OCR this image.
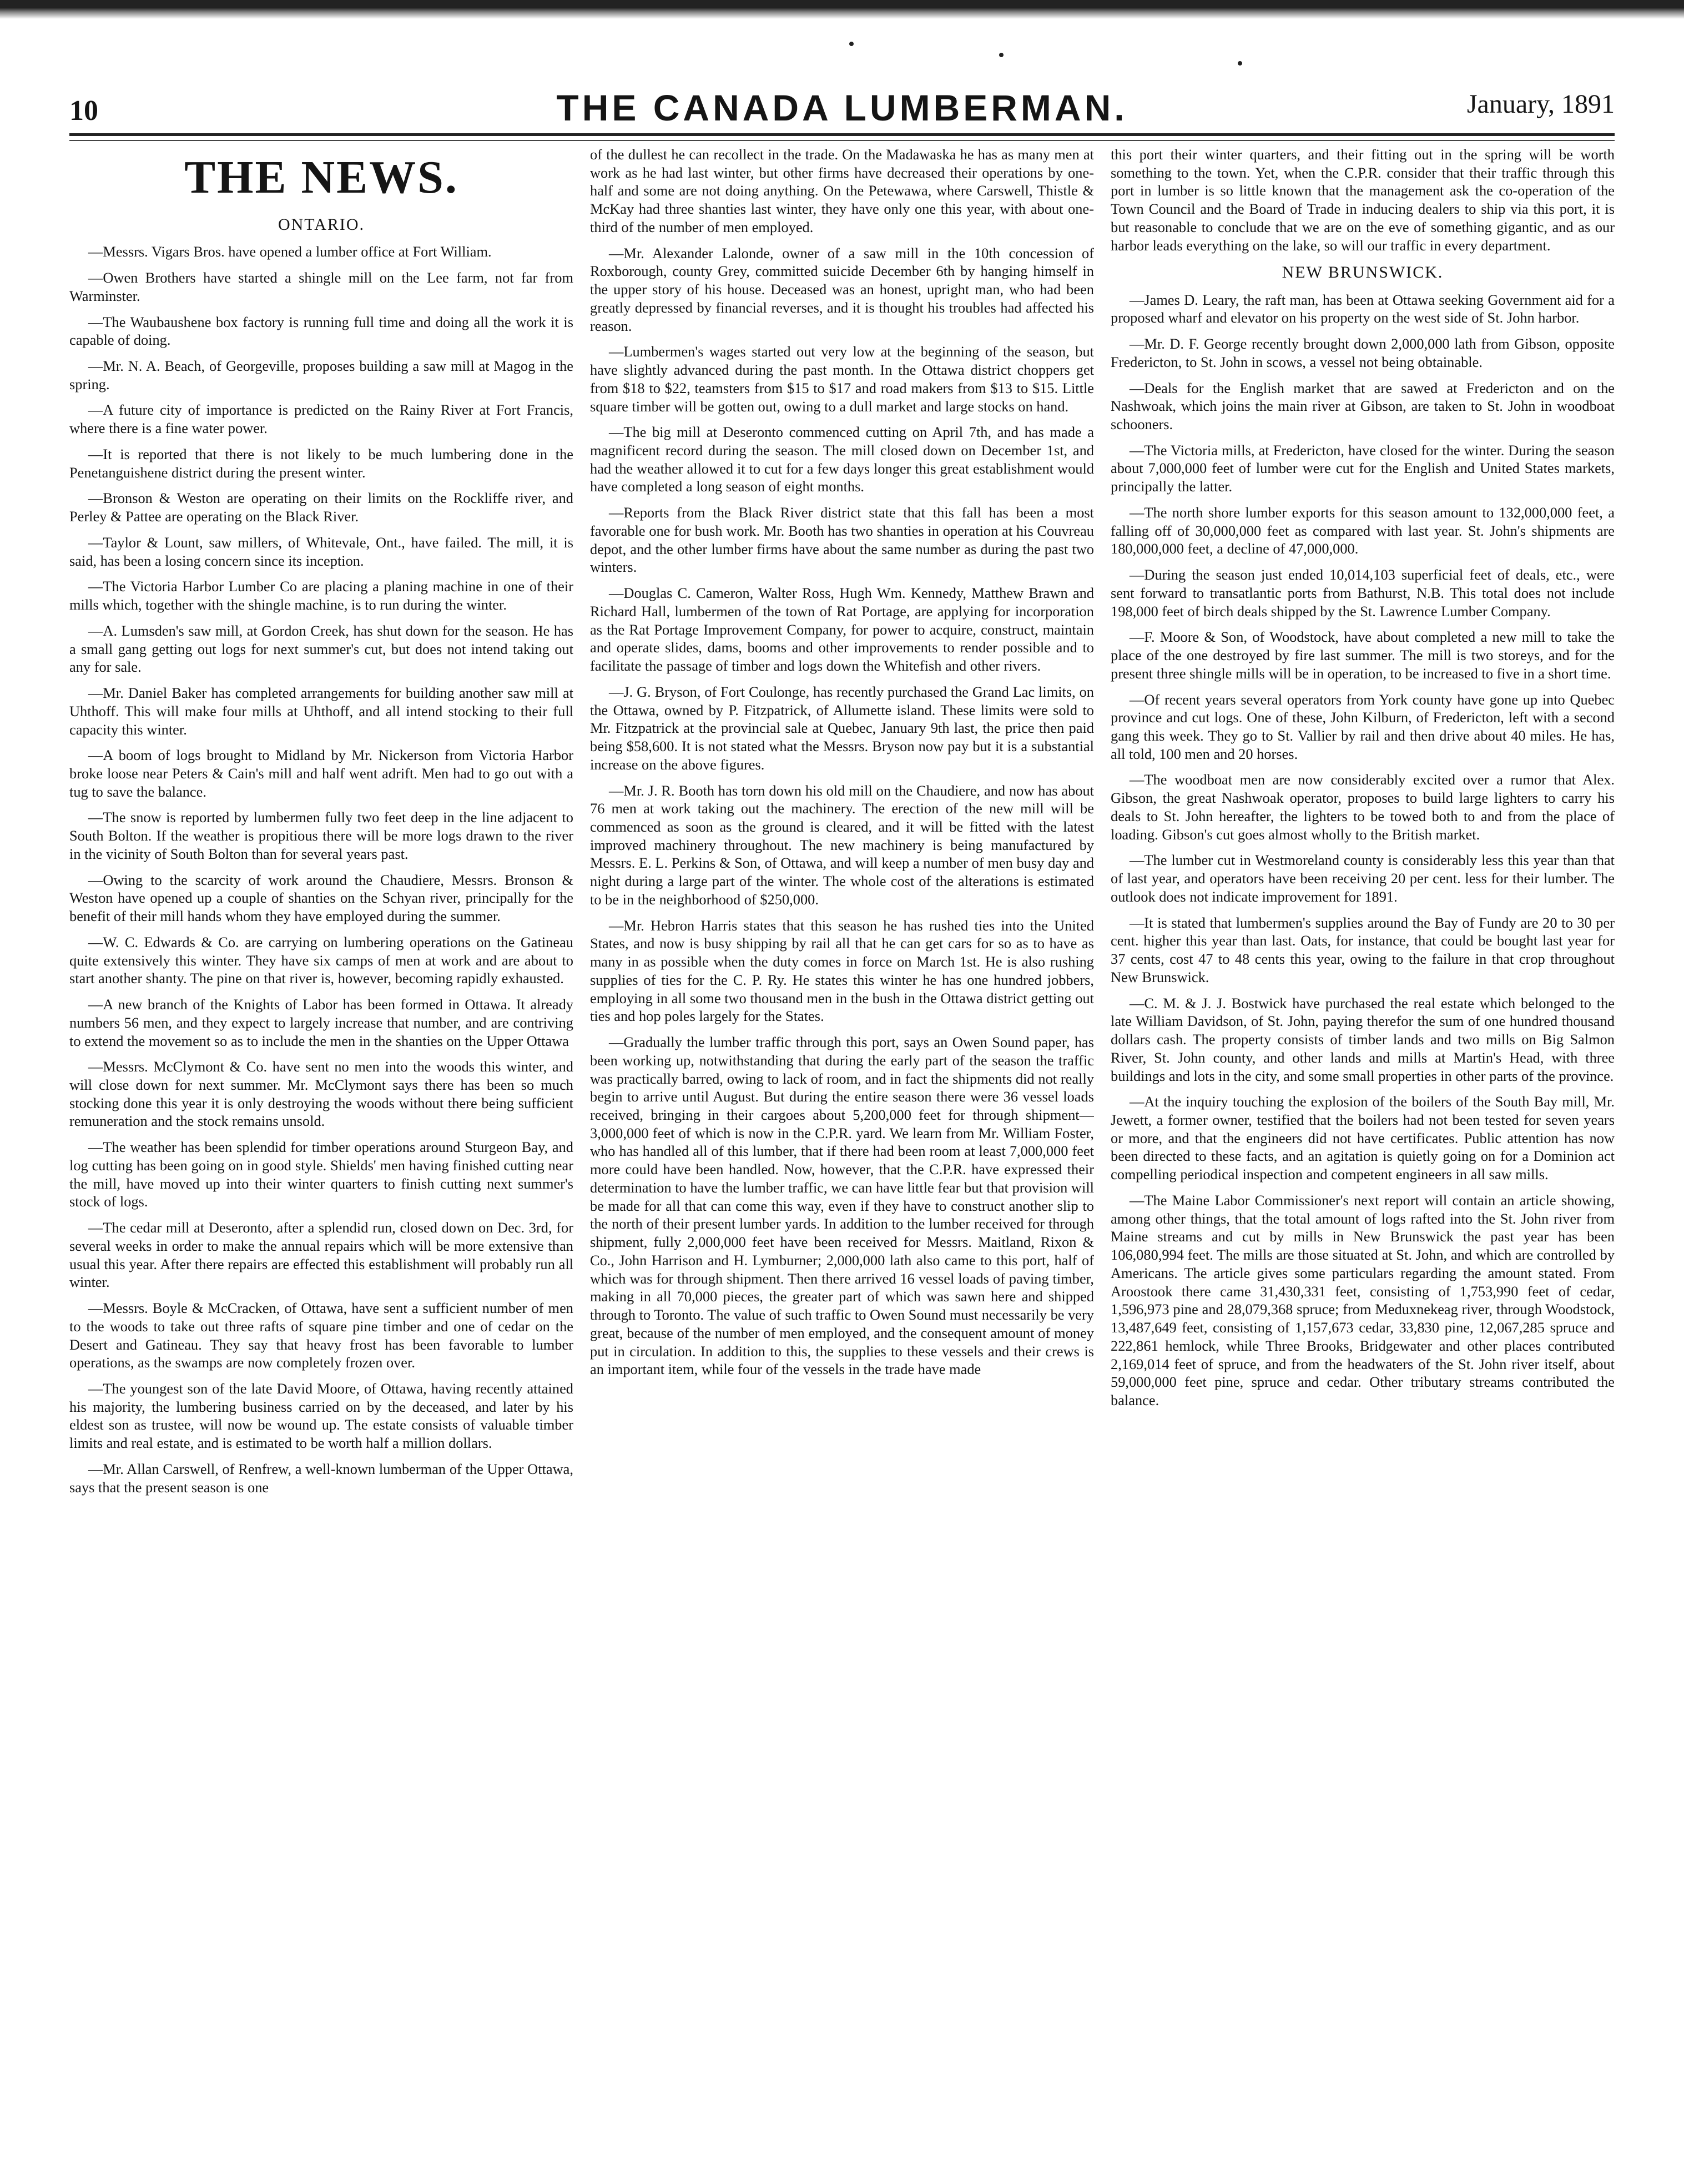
10	THE CANADA LUMBERMAN.	January, 1891
THE NEWS.
ONTARIO.

—Messrs. Vigars Bros. have opened a lumber office at Fort William.

—Owen Brothers have started a shingle mill on the Lee farm, not far from Warminster.

—The Waubaushene box factory is running full time and doing all the work it is capable of doing.

—Mr. N. A. Beach, of Georgeville, proposes building a saw mill at Magog in the spring.

—A future city of importance is predicted on the Rainy River at Fort Francis, where there is a fine water power.

—It is reported that there is not likely to be much lumbering done in the Penetanguishene district during the present winter.

—Bronson & Weston are operating on their limits on the Rockliffe river, and Perley & Pattee are operating on the Black River.

—Taylor & Lount, saw millers, of Whitevale, Ont., have failed. The mill, it is said, has been a losing concern since its inception.

—The Victoria Harbor Lumber Co are placing a planing machine in one of their mills which, together with the shingle machine, is to run during the winter.

—A. Lumsden's saw mill, at Gordon Creek, has shut down for the season. He has a small gang getting out logs for next summer's cut, but does not intend taking out any for sale.

—Mr. Daniel Baker has completed arrangements for building another saw mill at Uhthoff. This will make four mills at Uhthoff, and all intend stocking to their full capacity this winter.

—A boom of logs brought to Midland by Mr. Nickerson from Victoria Harbor broke loose near Peters & Cain's mill and half went adrift. Men had to go out with a tug to save the balance.

—The snow is reported by lumbermen fully two feet deep in the line adjacent to South Bolton. If the weather is propitious there will be more logs drawn to the river in the vicinity of South Bolton than for several years past.

—Owing to the scarcity of work around the Chaudiere, Messrs. Bronson & Weston have opened up a couple of shanties on the Schyan river, principally for the benefit of their mill hands whom they have employed during the summer.

—W. C. Edwards & Co. are carrying on lumbering operations on the Gatineau quite extensively this winter. They have six camps of men at work and are about to start another shanty. The pine on that river is, however, becoming rapidly exhausted.

—A new branch of the Knights of Labor has been formed in Ottawa. It already numbers 56 men, and they expect to largely increase that number, and are contriving to extend the movement so as to include the men in the shanties on the Upper Ottawa

—Messrs. McClymont & Co. have sent no men into the woods this winter, and will close down for next summer. Mr. McClymont says there has been so much stocking done this year it is only destroying the woods without there being sufficient remuneration and the stock remains unsold.

—The weather has been splendid for timber operations around Sturgeon Bay, and log cutting has been going on in good style. Shields' men having finished cutting near the mill, have moved up into their winter quarters to finish cutting next summer's stock of logs.

—The cedar mill at Deseronto, after a splendid run, closed down on Dec. 3rd, for several weeks in order to make the annual repairs which will be more extensive than usual this year. After there repairs are effected this establishment will probably run all winter.

—Messrs. Boyle & McCracken, of Ottawa, have sent a sufficient number of men to the woods to take out three rafts of square pine timber and one of cedar on the Desert and Gatineau. They say that heavy frost has been favorable to lumber operations, as the swamps are now completely frozen over.

—The youngest son of the late David Moore, of Ottawa, having recently attained his majority, the lumbering business carried on by the deceased, and later by his eldest son as trustee, will now be wound up. The estate consists of valuable timber limits and real estate, and is estimated to be worth half a million dollars.

—Mr. Allan Carswell, of Renfrew, a well-known lumberman of the Upper Ottawa, says that the present season is one

of the dullest he can recollect in the trade. On the Madawaska he has as many men at work as he had last winter, but other firms have decreased their operations by one-half and some are not doing anything. On the Petewawa, where Carswell, Thistle & McKay had three shanties last winter, they have only one this year, with about one-third of the number of men employed.

—Mr. Alexander Lalonde, owner of a saw mill in the 10th concession of Roxborough, county Grey, committed suicide December 6th by hanging himself in the upper story of his house. Deceased was an honest, upright man, who had been greatly depressed by financial reverses, and it is thought his troubles had affected his reason.

—Lumbermen's wages started out very low at the beginning of the season, but have slightly advanced during the past month. In the Ottawa district choppers get from $18 to $22, teamsters from $15 to $17 and road makers from $13 to $15. Little square timber will be gotten out, owing to a dull market and large stocks on hand.

—The big mill at Deseronto commenced cutting on April 7th, and has made a magnificent record during the season. The mill closed down on December 1st, and had the weather allowed it to cut for a few days longer this great establishment would have completed a long season of eight months.

—Reports from the Black River district state that this fall has been a most favorable one for bush work. Mr. Booth has two shanties in operation at his Couvreau depot, and the other lumber firms have about the same number as during the past two winters.

—Douglas C. Cameron, Walter Ross, Hugh Wm. Kennedy, Matthew Brawn and Richard Hall, lumbermen of the town of Rat Portage, are applying for incorporation as the Rat Portage Improvement Company, for power to acquire, construct, maintain and operate slides, dams, booms and other improvements to render possible and to facilitate the passage of timber and logs down the Whitefish and other rivers.

—J. G. Bryson, of Fort Coulonge, has recently purchased the Grand Lac limits, on the Ottawa, owned by P. Fitzpatrick, of Allumette island. These limits were sold to Mr. Fitzpatrick at the provincial sale at Quebec, January 9th last, the price then paid being $58,600. It is not stated what the Messrs. Bryson now pay but it is a substantial increase on the above figures.

—Mr. J. R. Booth has torn down his old mill on the Chaudiere, and now has about 76 men at work taking out the machinery. The erection of the new mill will be commenced as soon as the ground is cleared, and it will be fitted with the latest improved machinery throughout. The new machinery is being manufactured by Messrs. E. L. Perkins & Son, of Ottawa, and will keep a number of men busy day and night during a large part of the winter. The whole cost of the alterations is estimated to be in the neighborhood of $250,000.

—Mr. Hebron Harris states that this season he has rushed ties into the United States, and now is busy shipping by rail all that he can get cars for so as to have as many in as possible when the duty comes in force on March 1st. He is also rushing supplies of ties for the C. P. Ry. He states this winter he has one hundred jobbers, employing in all some two thousand men in the bush in the Ottawa district getting out ties and hop poles largely for the States.

—Gradually the lumber traffic through this port, says an Owen Sound paper, has been working up, notwithstanding that during the early part of the season the traffic was practically barred, owing to lack of room, and in fact the shipments did not really begin to arrive until August. But during the entire season there were 36 vessel loads received, bringing in their cargoes about 5,200,000 feet for through shipment—3,000,000 feet of which is now in the C.P.R. yard. We learn from Mr. William Foster, who has handled all of this lumber, that if there had been room at least 7,000,000 feet more could have been handled. Now, however, that the C.P.R. have expressed their determination to have the lumber traffic, we can have little fear but that provision will be made for all that can come this way, even if they have to construct another slip to the north of their present lumber yards. In addition to the lumber received for through shipment, fully 2,000,000 feet have been received for Messrs. Maitland, Rixon & Co., John Harrison and H. Lymburner; 2,000,000 lath also came to this port, half of which was for through shipment. Then there arrived 16 vessel loads of paving timber, making in all 70,000 pieces, the greater part of which was sawn here and shipped through to Toronto. The value of such traffic to Owen Sound must necessarily be very great, because of the number of men employed, and the consequent amount of money put in circulation. In addition to this, the supplies to these vessels and their crews is an important item, while four of the vessels in the trade have made

this port their winter quarters, and their fitting out in the spring will be worth something to the town. Yet, when the C.P.R. consider that their traffic through this port in lumber is so little known that the management ask the co-operation of the Town Council and the Board of Trade in inducing dealers to ship via this port, it is but reasonable to conclude that we are on the eve of something gigantic, and as our harbor leads everything on the lake, so will our traffic in every department.

NEW BRUNSWICK.

—James D. Leary, the raft man, has been at Ottawa seeking Government aid for a proposed wharf and elevator on his property on the west side of St. John harbor.

—Mr. D. F. George recently brought down 2,000,000 lath from Gibson, opposite Fredericton, to St. John in scows, a vessel not being obtainable.

—Deals for the English market that are sawed at Fredericton and on the Nashwoak, which joins the main river at Gibson, are taken to St. John in woodboat schooners.

—The Victoria mills, at Fredericton, have closed for the winter. During the season about 7,000,000 feet of lumber were cut for the English and United States markets, principally the latter.

—The north shore lumber exports for this season amount to 132,000,000 feet, a falling off of 30,000,000 feet as compared with last year. St. John's shipments are 180,000,000 feet, a decline of 47,000,000.

—During the season just ended 10,014,103 superficial feet of deals, etc., were sent forward to transatlantic ports from Bathurst, N.B. This total does not include 198,000 feet of birch deals shipped by the St. Lawrence Lumber Company.

—F. Moore & Son, of Woodstock, have about completed a new mill to take the place of the one destroyed by fire last summer. The mill is two storeys, and for the present three shingle mills will be in operation, to be increased to five in a short time.

—Of recent years several operators from York county have gone up into Quebec province and cut logs. One of these, John Kilburn, of Fredericton, left with a second gang this week. They go to St. Vallier by rail and then drive about 40 miles. He has, all told, 100 men and 20 horses.

—The woodboat men are now considerably excited over a rumor that Alex. Gibson, the great Nashwoak operator, proposes to build large lighters to carry his deals to St. John hereafter, the lighters to be towed both to and from the place of loading. Gibson's cut goes almost wholly to the British market.

—The lumber cut in Westmoreland county is considerably less this year than that of last year, and operators have been receiving 20 per cent. less for their lumber. The outlook does not indicate improvement for 1891.

—It is stated that lumbermen's supplies around the Bay of Fundy are 20 to 30 per cent. higher this year than last. Oats, for instance, that could be bought last year for 37 cents, cost 47 to 48 cents this year, owing to the failure in that crop throughout New Brunswick.

—C. M. & J. J. Bostwick have purchased the real estate which belonged to the late William Davidson, of St. John, paying therefor the sum of one hundred thousand dollars cash. The property consists of timber lands and two mills on Big Salmon River, St. John county, and other lands and mills at Martin's Head, with three buildings and lots in the city, and some small properties in other parts of the province.

—At the inquiry touching the explosion of the boilers of the South Bay mill, Mr. Jewett, a former owner, testified that the boilers had not been tested for seven years or more, and that the engineers did not have certificates. Public attention has now been directed to these facts, and an agitation is quietly going on for a Dominion act compelling periodical inspection and competent engineers in all saw mills.

—The Maine Labor Commissioner's next report will contain an article showing, among other things, that the total amount of logs rafted into the St. John river from Maine streams and cut by mills in New Brunswick the past year has been 106,080,994 feet. The mills are those situated at St. John, and which are controlled by Americans. The article gives some particulars regarding the amount stated. From Aroostook there came 31,430,331 feet, consisting of 1,753,990 feet of cedar, 1,596,973 pine and 28,079,368 spruce; from Meduxnekeag river, through Woodstock, 13,487,649 feet, consisting of 1,157,673 cedar, 33,830 pine, 12,067,285 spruce and 222,861 hemlock, while Three Brooks, Bridgewater and other places contributed 2,169,014 feet of spruce, and from the headwaters of the St. John river itself, about 59,000,000 feet pine, spruce and cedar. Other tributary streams contributed the balance.
